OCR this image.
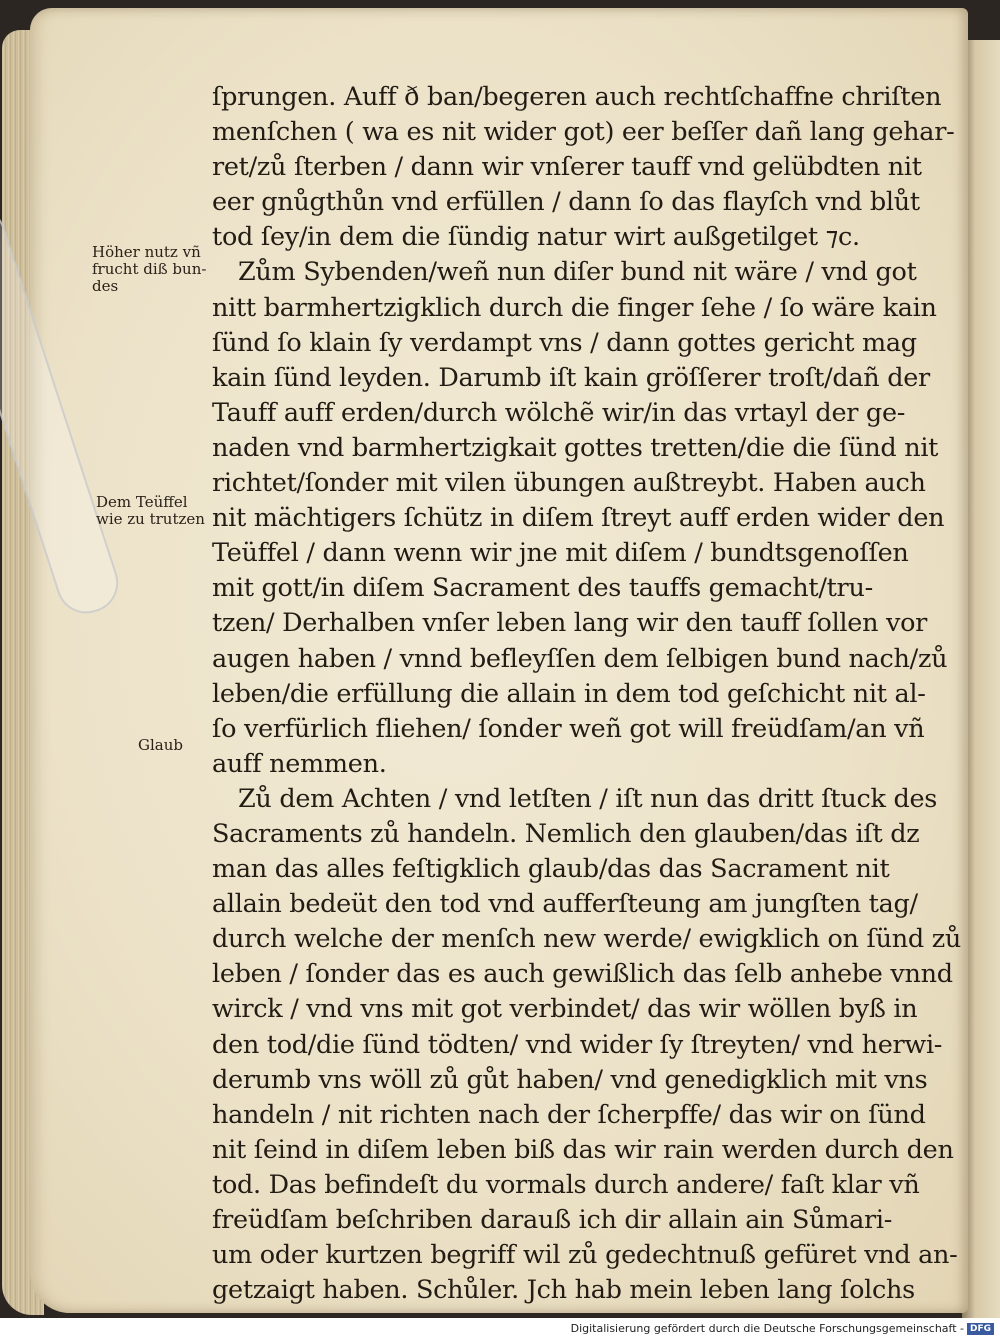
Höher nutz vñ
frucht diß bun-
des
Dem Teüffel
wie zu trutzen
Glaub
ſprungen. Auff ð ban/begeren auch rechtſchaffne chriſten
menſchen ( wa es nit wider got) eer beſſer dañ lang gehar-
ret/zů ſterben / dann wir vnſerer tauff vnd gelübdten nit
eer gnůgthůn vnd erfüllen / dann ſo das flayſch vnd blůt
tod ſey/in dem die ſündig natur wirt außgetilget ⁊c.
Zům Sybenden/weñ nun diſer bund nit wäre / vnd got
nitt barmhertzigklich durch die finger ſehe / ſo wäre kain
ſünd ſo klain ſy verdampt vns / dann gottes gericht mag
kain ſünd leyden. Darumb iſt kain gröſſerer troſt/dañ der
Tauff auff erden/durch wölchẽ wir/in das vrtayl der ge-
naden vnd barmhertzigkait gottes tretten/die die ſünd nit
richtet/ſonder mit vilen übungen außtreybt. Haben auch
nit mächtigers ſchütz in diſem ſtreyt auff erden wider den
Teüffel / dann wenn wir jne mit diſem / bundtsgenoſſen
mit gott/in diſem Sacrament des tauffs gemacht/tru-
tzen/ Derhalben vnſer leben lang wir den tauff ſollen vor
augen haben / vnnd befleyſſen dem ſelbigen bund nach/zů
leben/die erfüllung die allain in dem tod geſchicht nit al-
ſo verfürlich fliehen/ ſonder weñ got will freüdſam/an vñ
auff nemmen.
Zů dem Achten / vnd letſten / iſt nun das dritt ſtuck des
Sacraments zů handeln. Nemlich den glauben/das iſt dz
man das alles feſtigklich glaub/das das Sacrament nit
allain bedeüt den tod vnd aufferſteung am jungſten tag/
durch welche der menſch new werde/ ewigklich on ſünd zů
leben / ſonder das es auch gewißlich das ſelb anhebe vnnd
wirck / vnd vns mit got verbindet/ das wir wöllen byß in
den tod/die ſünd tödten/ vnd wider ſy ſtreyten/ vnd herwi-
derumb vns wöll zů gůt haben/ vnd genedigklich mit vns
handeln / nit richten nach der ſcherpffe/ das wir on ſünd
nit ſeind in diſem leben biß das wir rain werden durch den
tod. Das befindeſt du vormals durch andere/ faſt klar vñ
freüdſam beſchriben darauß ich dir allain ain Sůmari-
um oder kurtzen begriff wil zů gedechtnuß gefüret vnd an-
getzaigt haben. Schůler. Jch hab mein leben lang ſolchs
Digitalisierung gefördert durch die Deutsche Forschungsgemeinschaft - DFG
